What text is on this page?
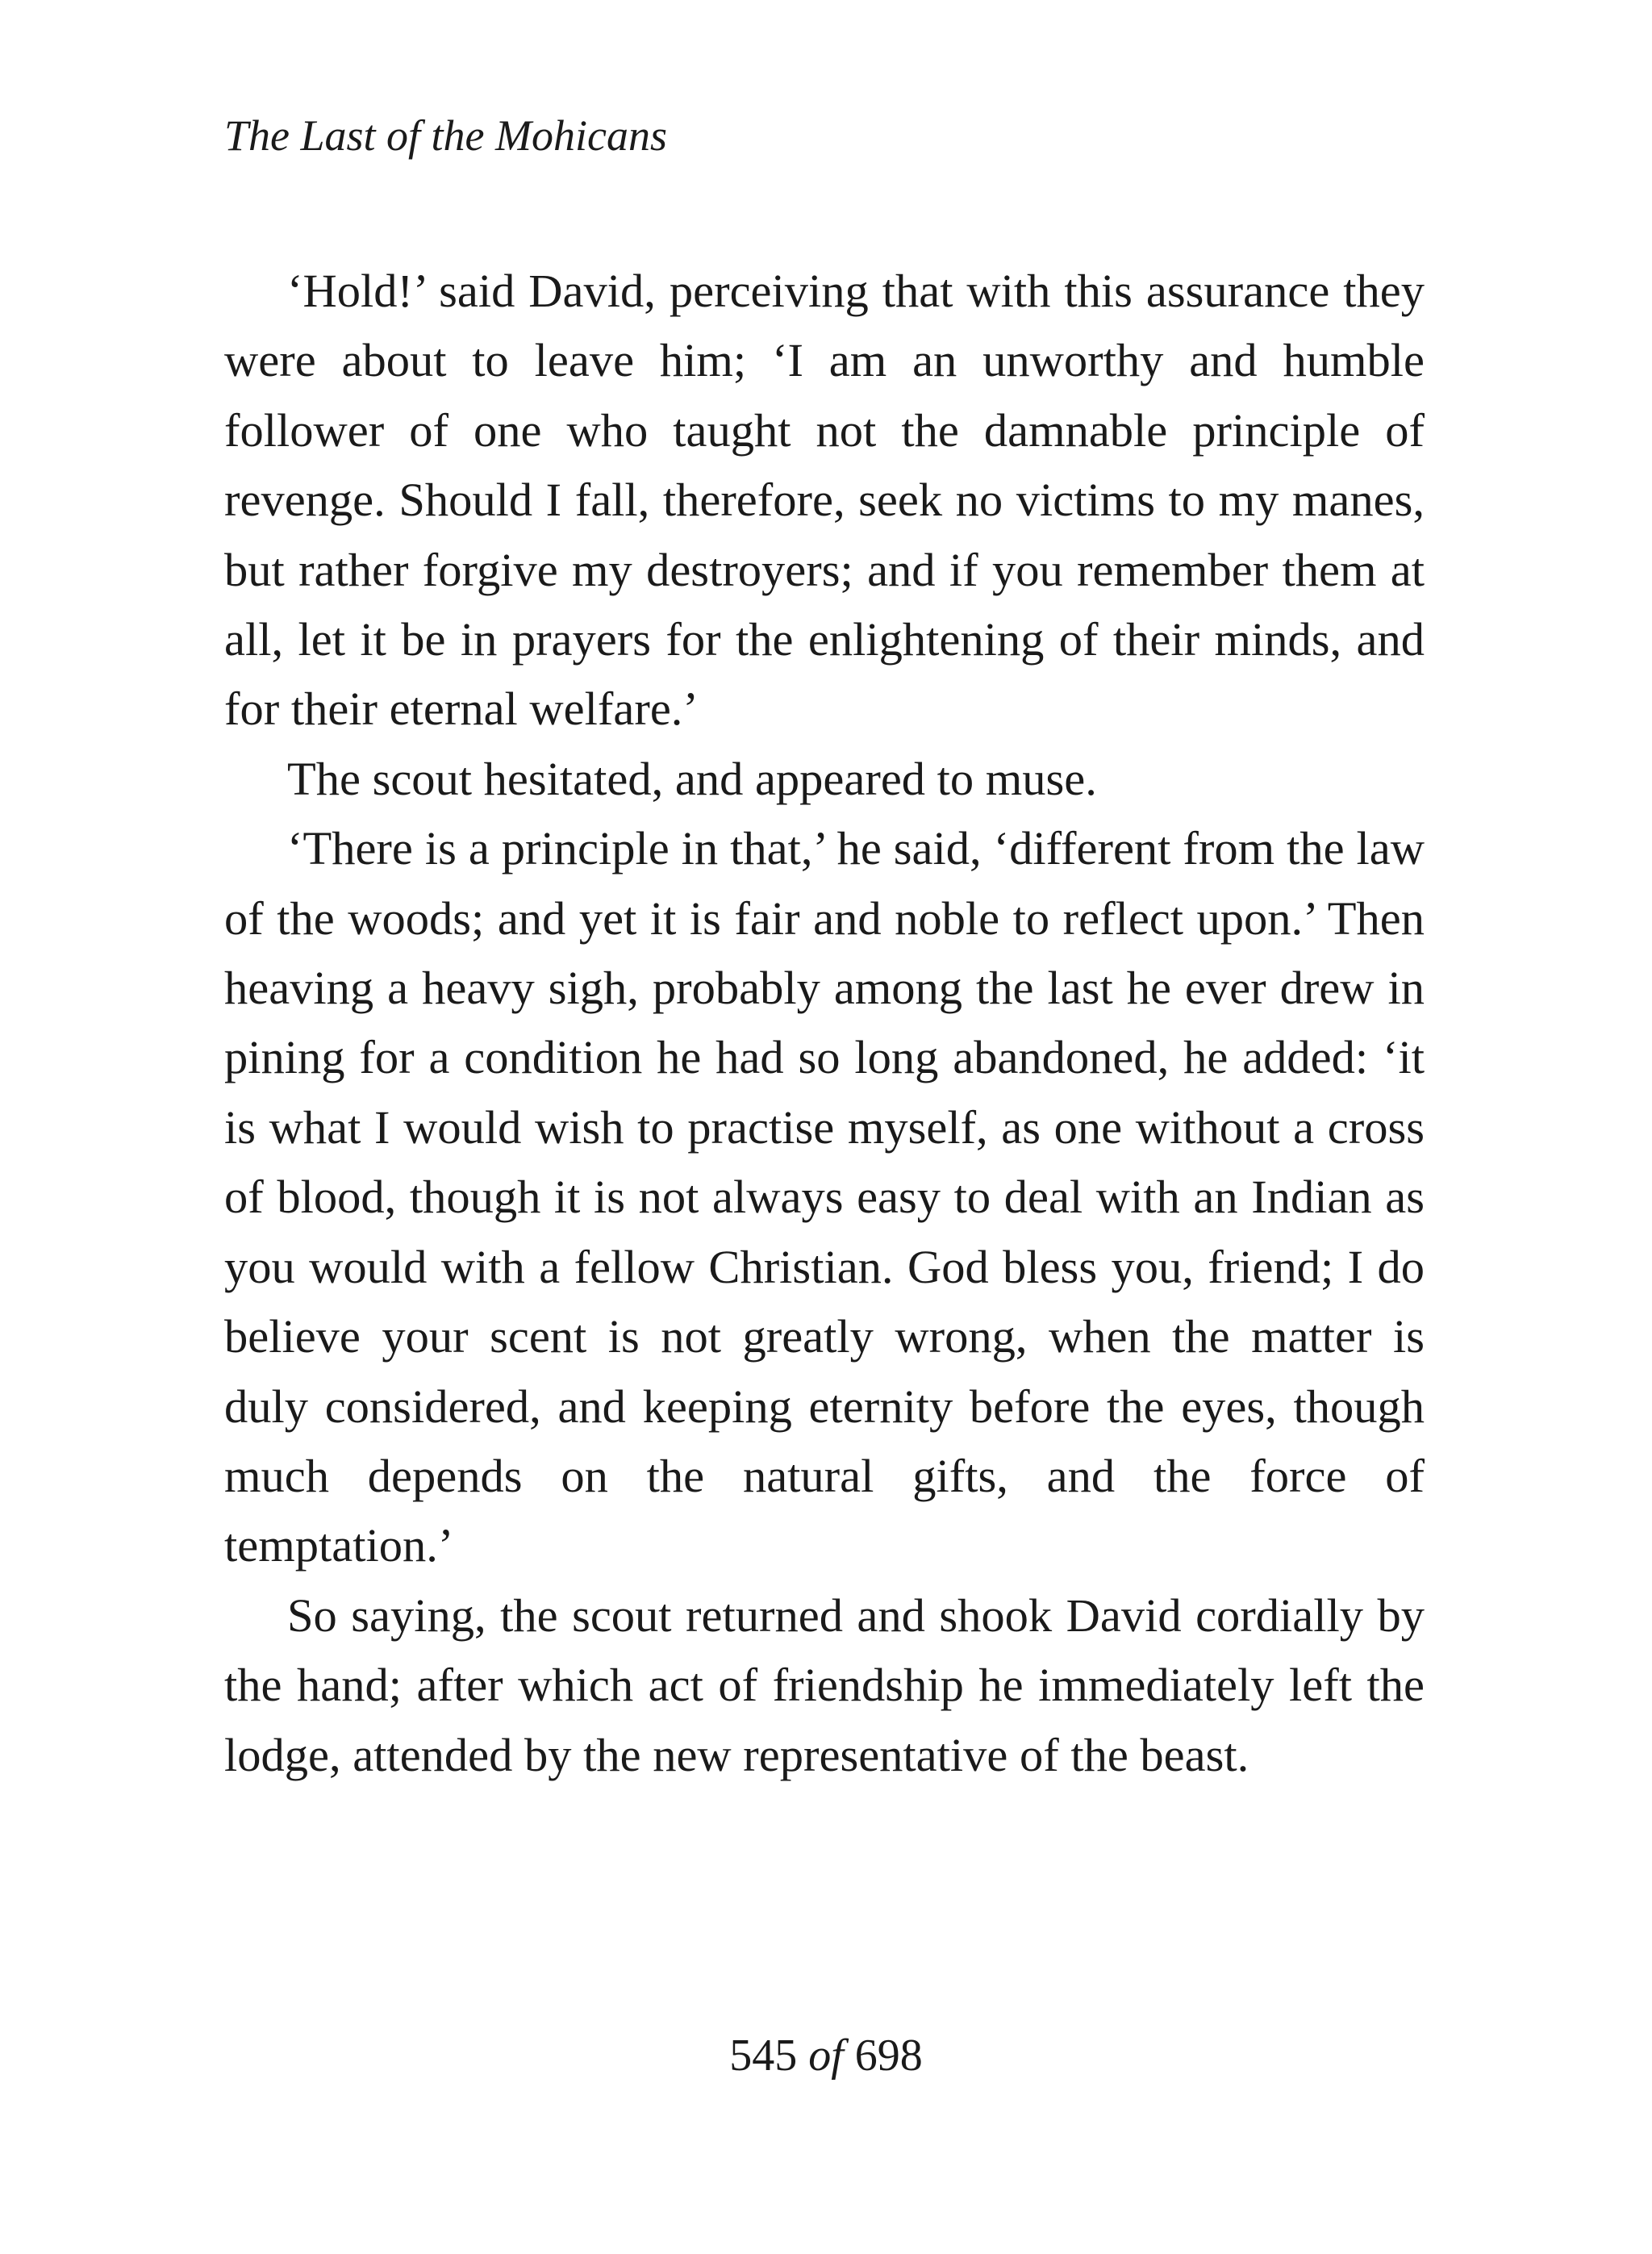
The Last of the Mohicans

‘Hold!’ said David, perceiving that with this assurance they were about to leave him; ‘I am an unworthy and humble follower of one who taught not the damnable principle of revenge. Should I fall, therefore, seek no victims to my manes, but rather forgive my destroyers; and if you remember them at all, let it be in prayers for the enlightening of their minds, and for their eternal welfare.’

The scout hesitated, and appeared to muse.

‘There is a principle in that,’ he said, ‘different from the law of the woods; and yet it is fair and noble to reflect upon.’ Then heaving a heavy sigh, probably among the last he ever drew in pining for a condition he had so long abandoned, he added: ‘it is what I would wish to practise myself, as one without a cross of blood, though it is not always easy to deal with an Indian as you would with a fellow Christian. God bless you, friend; I do believe your scent is not greatly wrong, when the matter is duly considered, and keeping eternity before the eyes, though much depends on the natural gifts, and the force of temptation.’

So saying, the scout returned and shook David cordially by the hand; after which act of friendship he immediately left the lodge, attended by the new representative of the beast.

545 of 698
